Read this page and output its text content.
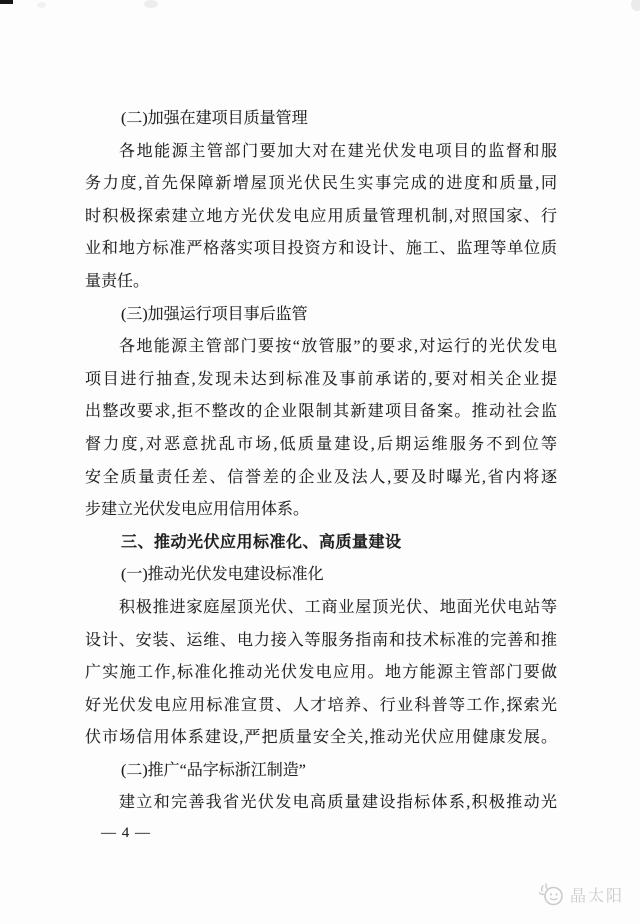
(二)加强在建项目质量管理
各地能源主管部门要加大对在建光伏发电项目的监督和服
务力度,首先保障新增屋顶光伏民生实事完成的进度和质量,同
时积极探索建立地方光伏发电应用质量管理机制,对照国家、行
业和地方标准严格落实项目投资方和设计、施工、监理等单位质
量责任。
(三)加强运行项目事后监管
各地能源主管部门要按“放管服”的要求,对运行的光伏发电
项目进行抽查,发现未达到标准及事前承诺的,要对相关企业提
出整改要求,拒不整改的企业限制其新建项目备案。推动社会监
督力度,对恶意扰乱市场,低质量建设,后期运维服务不到位等
安全质量责任差、信誉差的企业及法人,要及时曝光,省内将逐
步建立光伏发电应用信用体系。
三、推动光伏应用标准化、高质量建设
(一)推动光伏发电建设标准化
积极推进家庭屋顶光伏、工商业屋顶光伏、地面光伏电站等
设计、安装、运维、电力接入等服务指南和技术标准的完善和推
广实施工作,标准化推动光伏发电应用。地方能源主管部门要做
好光伏发电应用标准宣贯、人才培养、行业科普等工作,探索光
伏市场信用体系建设,严把质量安全关,推动光伏应用健康发展。
(二)推广“品字标浙江制造”
建立和完善我省光伏发电高质量建设指标体系,积极推动光
— 4 —
晶太阳
